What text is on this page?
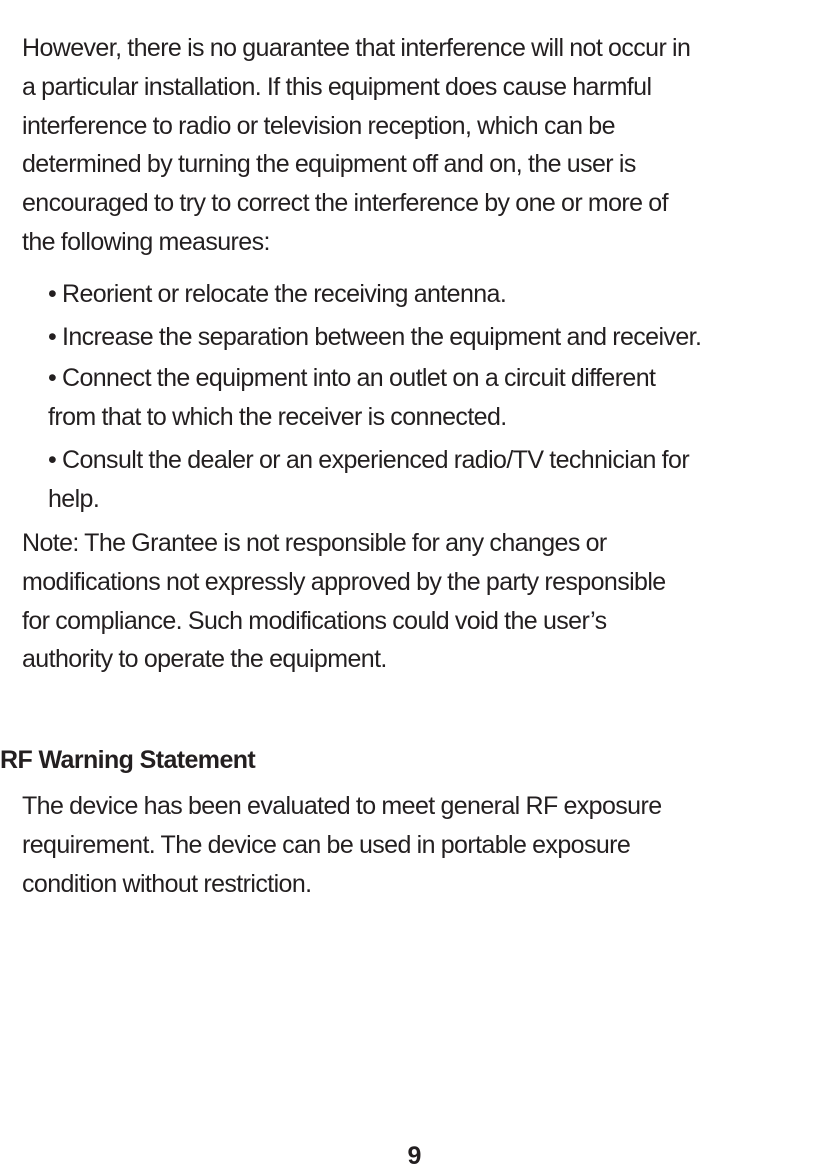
However, there is no guarantee that interference will not occur in
a particular installation. If this equipment does cause harmful
interference to radio or television reception, which can be
determined by turning the equipment off and on, the user is
encouraged to try to correct the interference by one or more of
the following measures:

• Reorient or relocate the receiving antenna.

• Increase the separation between the equipment and receiver.

• Connect the equipment into an outlet on a circuit different
from that to which the receiver is connected.

• Consult the dealer or an experienced radio/TV technician for
help.

Note: The Grantee is not responsible for any changes or
modifications not expressly approved by the party responsible
for compliance. Such modifications could void the user’s
authority to operate the equipment.

RF Warning Statement

The device has been evaluated to meet general RF exposure
requirement. The device can be used in portable exposure
condition without restriction.

9
